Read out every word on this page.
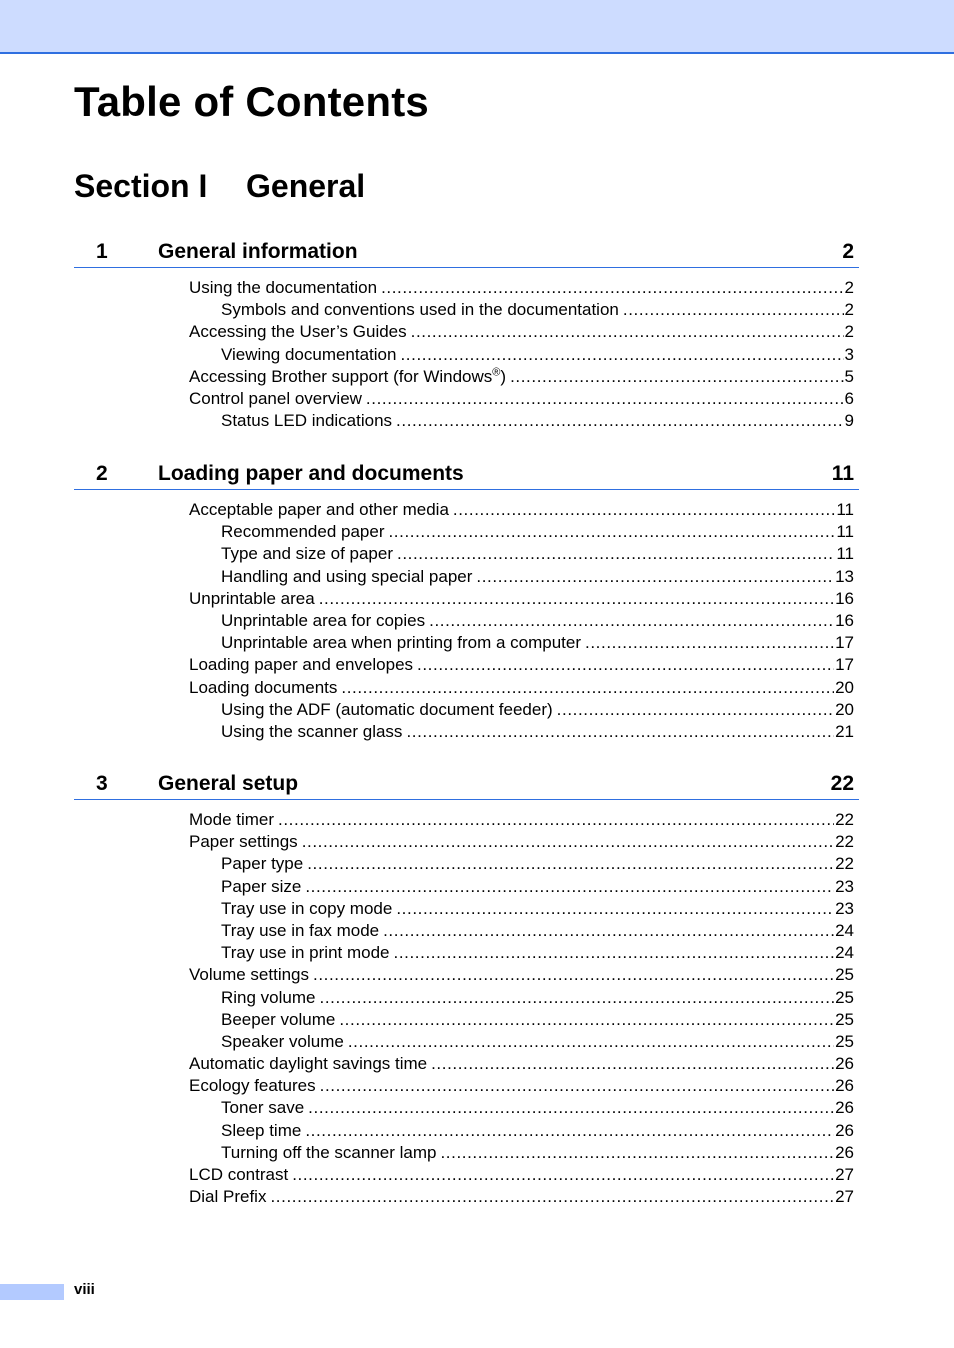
Table of Contents
Section I General
1 General information	2
Using the documentation .....	2
Symbols and conventions used in the documentation .....	2
Accessing the User’s Guides .....	2
Viewing documentation .....	3
Accessing Brother support (for Windows®) .....	5
Control panel overview .....	6
Status LED indications .....	9
2 Loading paper and documents	11
Acceptable paper and other media .....	11
Recommended paper .....	11
Type and size of paper .....	11
Handling and using special paper .....	13
Unprintable area .....	16
Unprintable area for copies .....	16
Unprintable area when printing from a computer .....	17
Loading paper and envelopes .....	17
Loading documents .....	20
Using the ADF (automatic document feeder) .....	20
Using the scanner glass .....	21
3 General setup	22
Mode timer .....	22
Paper settings .....	22
Paper type .....	22
Paper size .....	23
Tray use in copy mode .....	23
Tray use in fax mode .....	24
Tray use in print mode .....	24
Volume settings .....	25
Ring volume .....	25
Beeper volume .....	25
Speaker volume .....	25
Automatic daylight savings time .....	26
Ecology features .....	26
Toner save .....	26
Sleep time .....	26
Turning off the scanner lamp .....	26
LCD contrast .....	27
Dial Prefix .....	27
viii
